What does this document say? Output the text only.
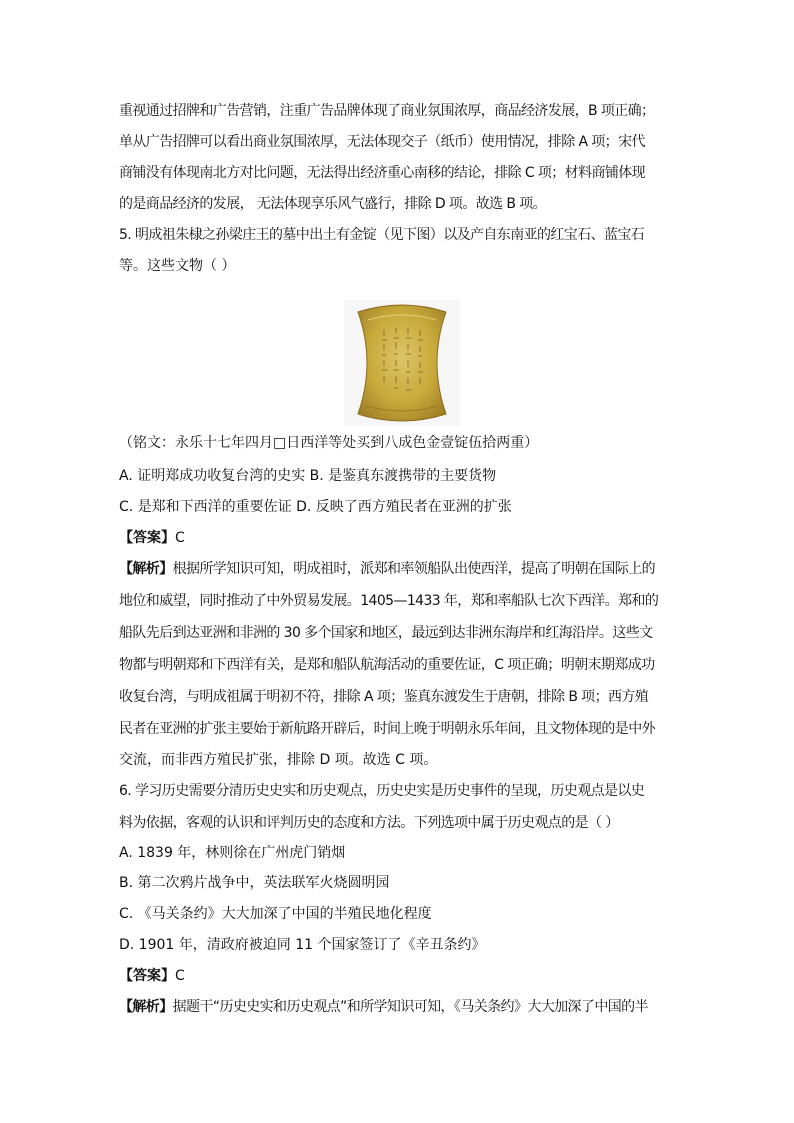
重视通过招牌和广告营销，注重广告品牌体现了商业氛围浓厚，商品经济发展，B 项正确；
单从广告招牌可以看出商业氛围浓厚，无法体现交子（纸币）使用情况，排除 A 项；宋代
商铺没有体现南北方对比问题，无法得出经济重心南移的结论，排除 C 项；材料商铺体现
的是商品经济的发展， 无法体现享乐风气盛行，排除 D 项。故选 B 项。
5. 明成祖朱棣之孙梁庄王的墓中出土有金锭（见下图）以及产自东南亚的红宝石、蓝宝石
等。这些文物（ ）
（铭文：永乐十七年四月□日西洋等处买到八成色金壹锭伍拾两重）
A. 证明郑成功收复台湾的史实 B. 是鉴真东渡携带的主要货物
C. 是郑和下西洋的重要佐证 D. 反映了西方殖民者在亚洲的扩张
【答案】C
【解析】根据所学知识可知，明成祖时，派郑和率领船队出使西洋，提高了明朝在国际上的
地位和威望，同时推动了中外贸易发展。1405—1433 年，郑和率船队七次下西洋。郑和的
船队先后到达亚洲和非洲的 30 多个国家和地区，最远到达非洲东海岸和红海沿岸。这些文
物都与明朝郑和下西洋有关，是郑和船队航海活动的重要佐证，C 项正确；明朝末期郑成功
收复台湾，与明成祖属于明初不符，排除 A 项；鉴真东渡发生于唐朝，排除 B 项；西方殖
民者在亚洲的扩张主要始于新航路开辟后，时间上晚于明朝永乐年间，且文物体现的是中外
交流，而非西方殖民扩张，排除 D 项。故选 C 项。
6. 学习历史需要分清历史史实和历史观点，历史史实是历史事件的呈现，历史观点是以史
料为依据，客观的认识和评判历史的态度和方法。下列选项中属于历史观点的是（ ）
A. 1839 年，林则徐在广州虎门销烟
B. 第二次鸦片战争中，英法联军火烧圆明园
C. 《马关条约》大大加深了中国的半殖民地化程度
D. 1901 年，清政府被迫同 11 个国家签订了《辛丑条约》
【答案】C
【解析】据题干“历史史实和历史观点”和所学知识可知，《马关条约》大大加深了中国的半
